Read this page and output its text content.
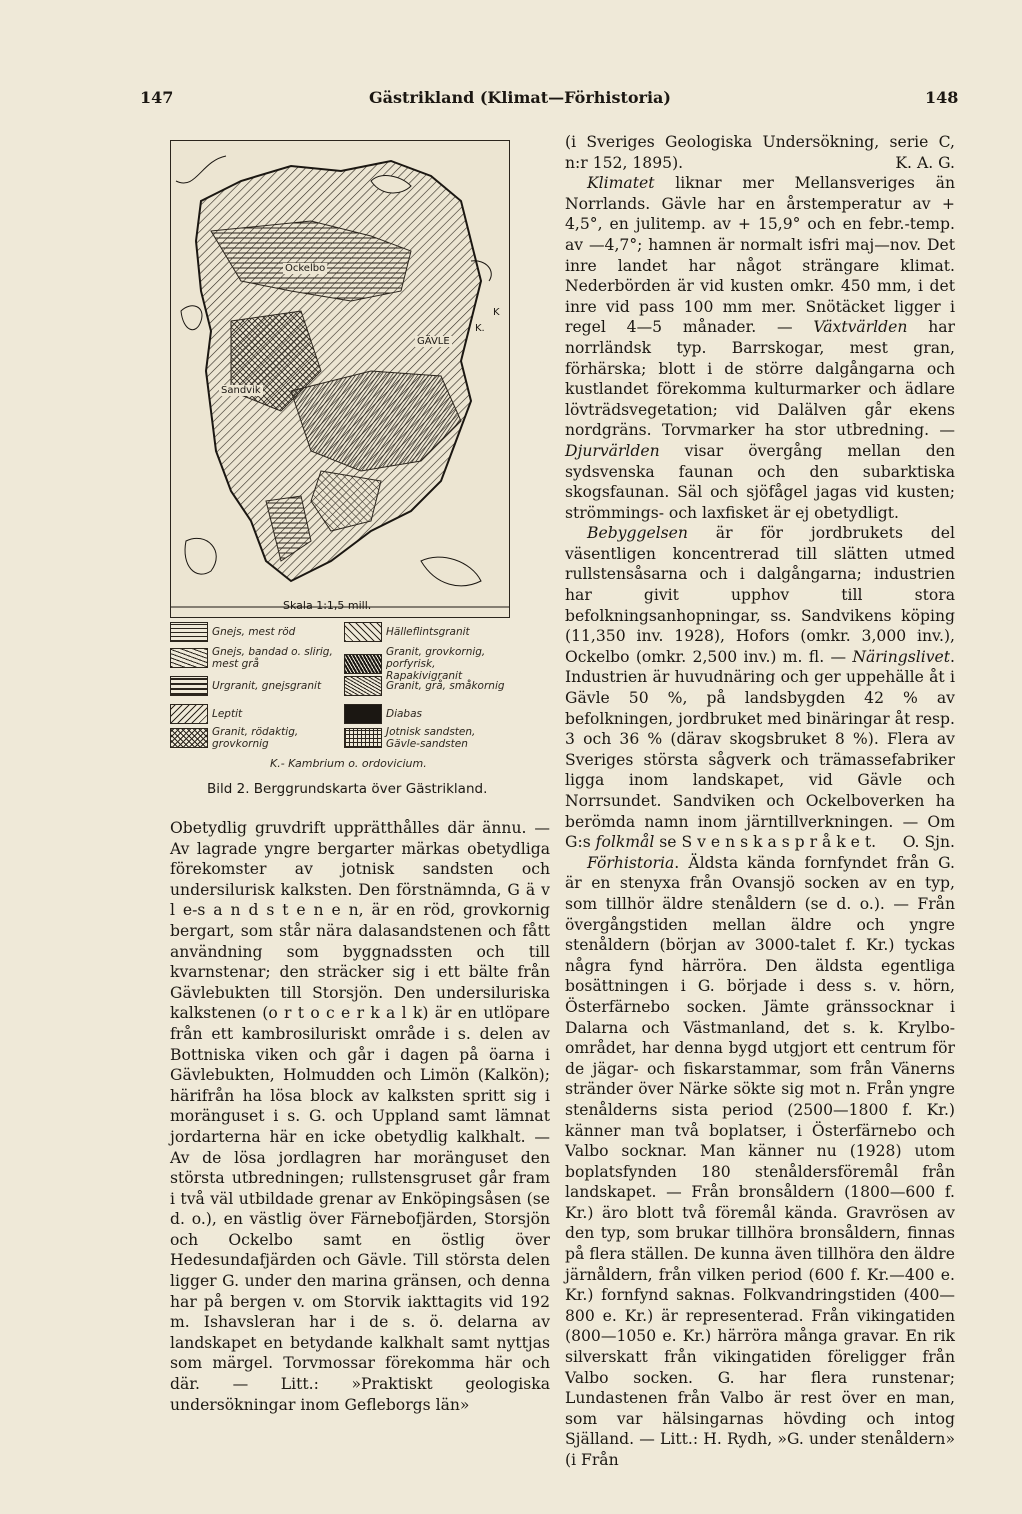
147	Gästrikland (Klimat—Förhistoria)	148
Ockelbo
GÄVLE
Sandvik
K.
K
Skala 1:1,5 mill.
Gnejs, mest röd
Gnejs, bandad o. slirig, mest grå
Urgranit, gnejsgranit
Leptit
Granit, rödaktig, grovkornig
Hälleflintsgranit
Granit, grovkornig, porfyrisk, Rapakivigranit
Granit, grå, småkornig
Diabas
Jotnisk sandsten, Gävle-sandsten
K.- Kambrium o. ordovicium.
Bild 2. Berggrundskarta över Gästrikland.

Obetydlig gruvdrift upprätthålles där ännu. — Av lagrade yngre bergarter märkas obetydliga förekomster av jotnisk sandsten och undersilurisk kalksten. Den förstnämnda, G ä v l e-s a n d s t e n e n, är en röd, grovkornig bergart, som står nära dalasandstenen och fått användning som byggnadssten och till kvarnstenar; den sträcker sig i ett bälte från Gävlebukten till Storsjön. Den undersiluriska kalkstenen (o r t o c e r k a l k) är en utlöpare från ett kambrosiluriskt område i s. delen av Bottniska viken och går i dagen på öarna i Gävlebukten, Holmudden och Limön (Kalkön); härifrån ha lösa block av kalksten spritt sig i moränguset i s. G. och Uppland samt lämnat jordarterna här en icke obetydlig kalkhalt. — Av de lösa jordlagren har moränguset den största utbredningen; rullstensgruset går fram i två väl utbildade grenar av Enköpingsåsen (se d. o.), en västlig över Färnebofjärden, Storsjön och Ockelbo samt en östlig över Hedesundafjärden och Gävle. Till största delen ligger G. under den marina gränsen, och denna har på bergen v. om Storvik iakttagits vid 192 m. Ishavsleran har i de s. ö. delarna av landskapet en betydande kalkhalt samt nyttjas som märgel. Torvmossar förekomma här och där. — Litt.: »Praktiskt geologiska undersökningar inom Gefleborgs län»

(i Sveriges Geologiska Undersökning, serie C, n:r 152, 1895).	K. A. G.

Klimatet liknar mer Mellansveriges än Norrlands. Gävle har en årstemperatur av + 4,5°, en julitemp. av + 15,9° och en febr.-temp. av —4,7°; hamnen är normalt isfri maj—nov. Det inre landet har något strängare klimat. Nederbörden är vid kusten omkr. 450 mm, i det inre vid pass 100 mm mer. Snötäcket ligger i regel 4—5 månader. — Växtvärlden har norrländsk typ. Barrskogar, mest gran, förhärska; blott i de större dalgångarna och kustlandet förekomma kulturmarker och ädlare lövträdsvegetation; vid Dalälven går ekens nordgräns. Torvmarker ha stor utbredning. — Djurvärlden visar övergång mellan den sydsvenska faunan och den subarktiska skogsfaunan. Säl och sjöfågel jagas vid kusten; strömmings- och laxfisket är ej obetydligt.

Bebyggelsen är för jordbrukets del väsentligen koncentrerad till slätten utmed rullstensåsarna och i dalgångarna; industrien har givit upphov till stora befolkningsanhopningar, ss. Sandvikens köping (11,350 inv. 1928), Hofors (omkr. 3,000 inv.), Ockelbo (omkr. 2,500 inv.) m. fl. — Näringslivet. Industrien är huvudnäring och ger uppehälle åt i Gävle 50 %, på landsbygden 42 % av befolkningen, jordbruket med binäringar åt resp. 3 och 36 % (därav skogsbruket 8 %). Flera av Sveriges största sågverk och trämassefabriker ligga inom landskapet, vid Gävle och Norrsundet. Sandviken och Ockelboverken ha berömda namn inom järntillverkningen. — Om G:s folkmål se S v e n s k a s p r å k e t.	O. Sjn.

Förhistoria. Äldsta kända fornfyndet från G. är en stenyxa från Ovansjö socken av en typ, som tillhör äldre stenåldern (se d. o.). — Från övergångstiden mellan äldre och yngre stenåldern (början av 3000-talet f. Kr.) tyckas några fynd härröra. Den äldsta egentliga bosättningen i G. började i dess s. v. hörn, Österfärnebo socken. Jämte gränssocknar i Dalarna och Västmanland, det s. k. Krylbo-området, har denna bygd utgjort ett centrum för de jägar- och fiskarstammar, som från Vänerns stränder över Närke sökte sig mot n. Från yngre stenålderns sista period (2500—1800 f. Kr.) känner man två boplatser, i Österfärnebo och Valbo socknar. Man känner nu (1928) utom boplatsfynden 180 stenåldersföremål från landskapet. — Från bronsåldern (1800—600 f. Kr.) äro blott två föremål kända. Gravrösen av den typ, som brukar tillhöra bronsåldern, finnas på flera ställen. De kunna även tillhöra den äldre järnåldern, från vilken period (600 f. Kr.—400 e. Kr.) fornfynd saknas. Folkvandringstiden (400—800 e. Kr.) är representerad. Från vikingatiden (800—1050 e. Kr.) härröra många gravar. En rik silverskatt från vikingatiden föreligger från Valbo socken. G. har flera runstenar; Lundastenen från Valbo är rest över en man, som var hälsingarnas hövding och intog Själland. — Litt.: H. Rydh, »G. under stenåldern» (i Från
